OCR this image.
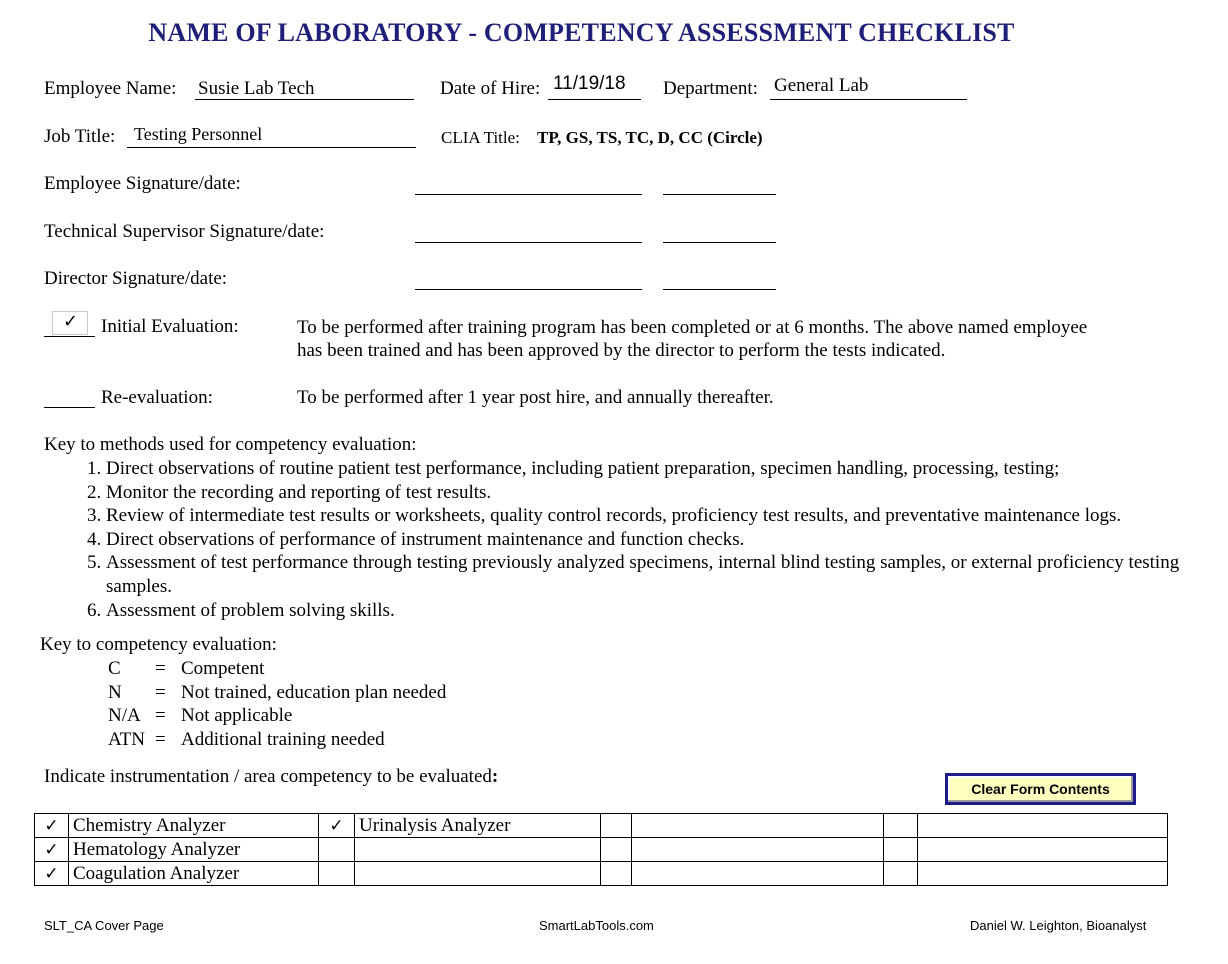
NAME OF LABORATORY - COMPETENCY ASSESSMENT CHECKLIST
Employee Name: Susie Lab Tech	Date of Hire: 11/19/18 Department: General Lab
Job Title: Testing Personnel	CLIA Title: TP, GS, TS, TC, D, CC (Circle)
Employee Signature/date:
Technical Supervisor Signature/date:
Director Signature/date:
✓ Initial Evaluation:	To be performed after training program has been completed or at 6 months. The above named employee has been trained and has been approved by the director to perform the tests indicated.
Re-evaluation:	To be performed after 1 year post hire, and annually thereafter.
Key to methods used for competency evaluation:
1. Direct observations of routine patient test performance, including patient preparation, specimen handling, processing, testing;
2. Monitor the recording and reporting of test results.
3. Review of intermediate test results or worksheets, quality control records, proficiency test results, and preventative maintenance logs.
4. Direct observations of performance of instrument maintenance and function checks.
5. Assessment of test performance through testing previously analyzed specimens, internal blind testing samples, or external proficiency testing samples.
6. Assessment of problem solving skills.
Key to competency evaluation:
C	= Competent
N	= Not trained, education plan needed
N/A = Not applicable
ATN = Additional training needed
Indicate instrumentation / area competency to be evaluated:
Clear Form Contents
✓	Chemistry Analyzer	✓	Urinalysis Analyzer				
✓	Hematology Analyzer						
✓	Coagulation Analyzer						
SLT_CA Cover Page	SmartLabTools.com	Daniel W. Leighton, Bioanalyst
